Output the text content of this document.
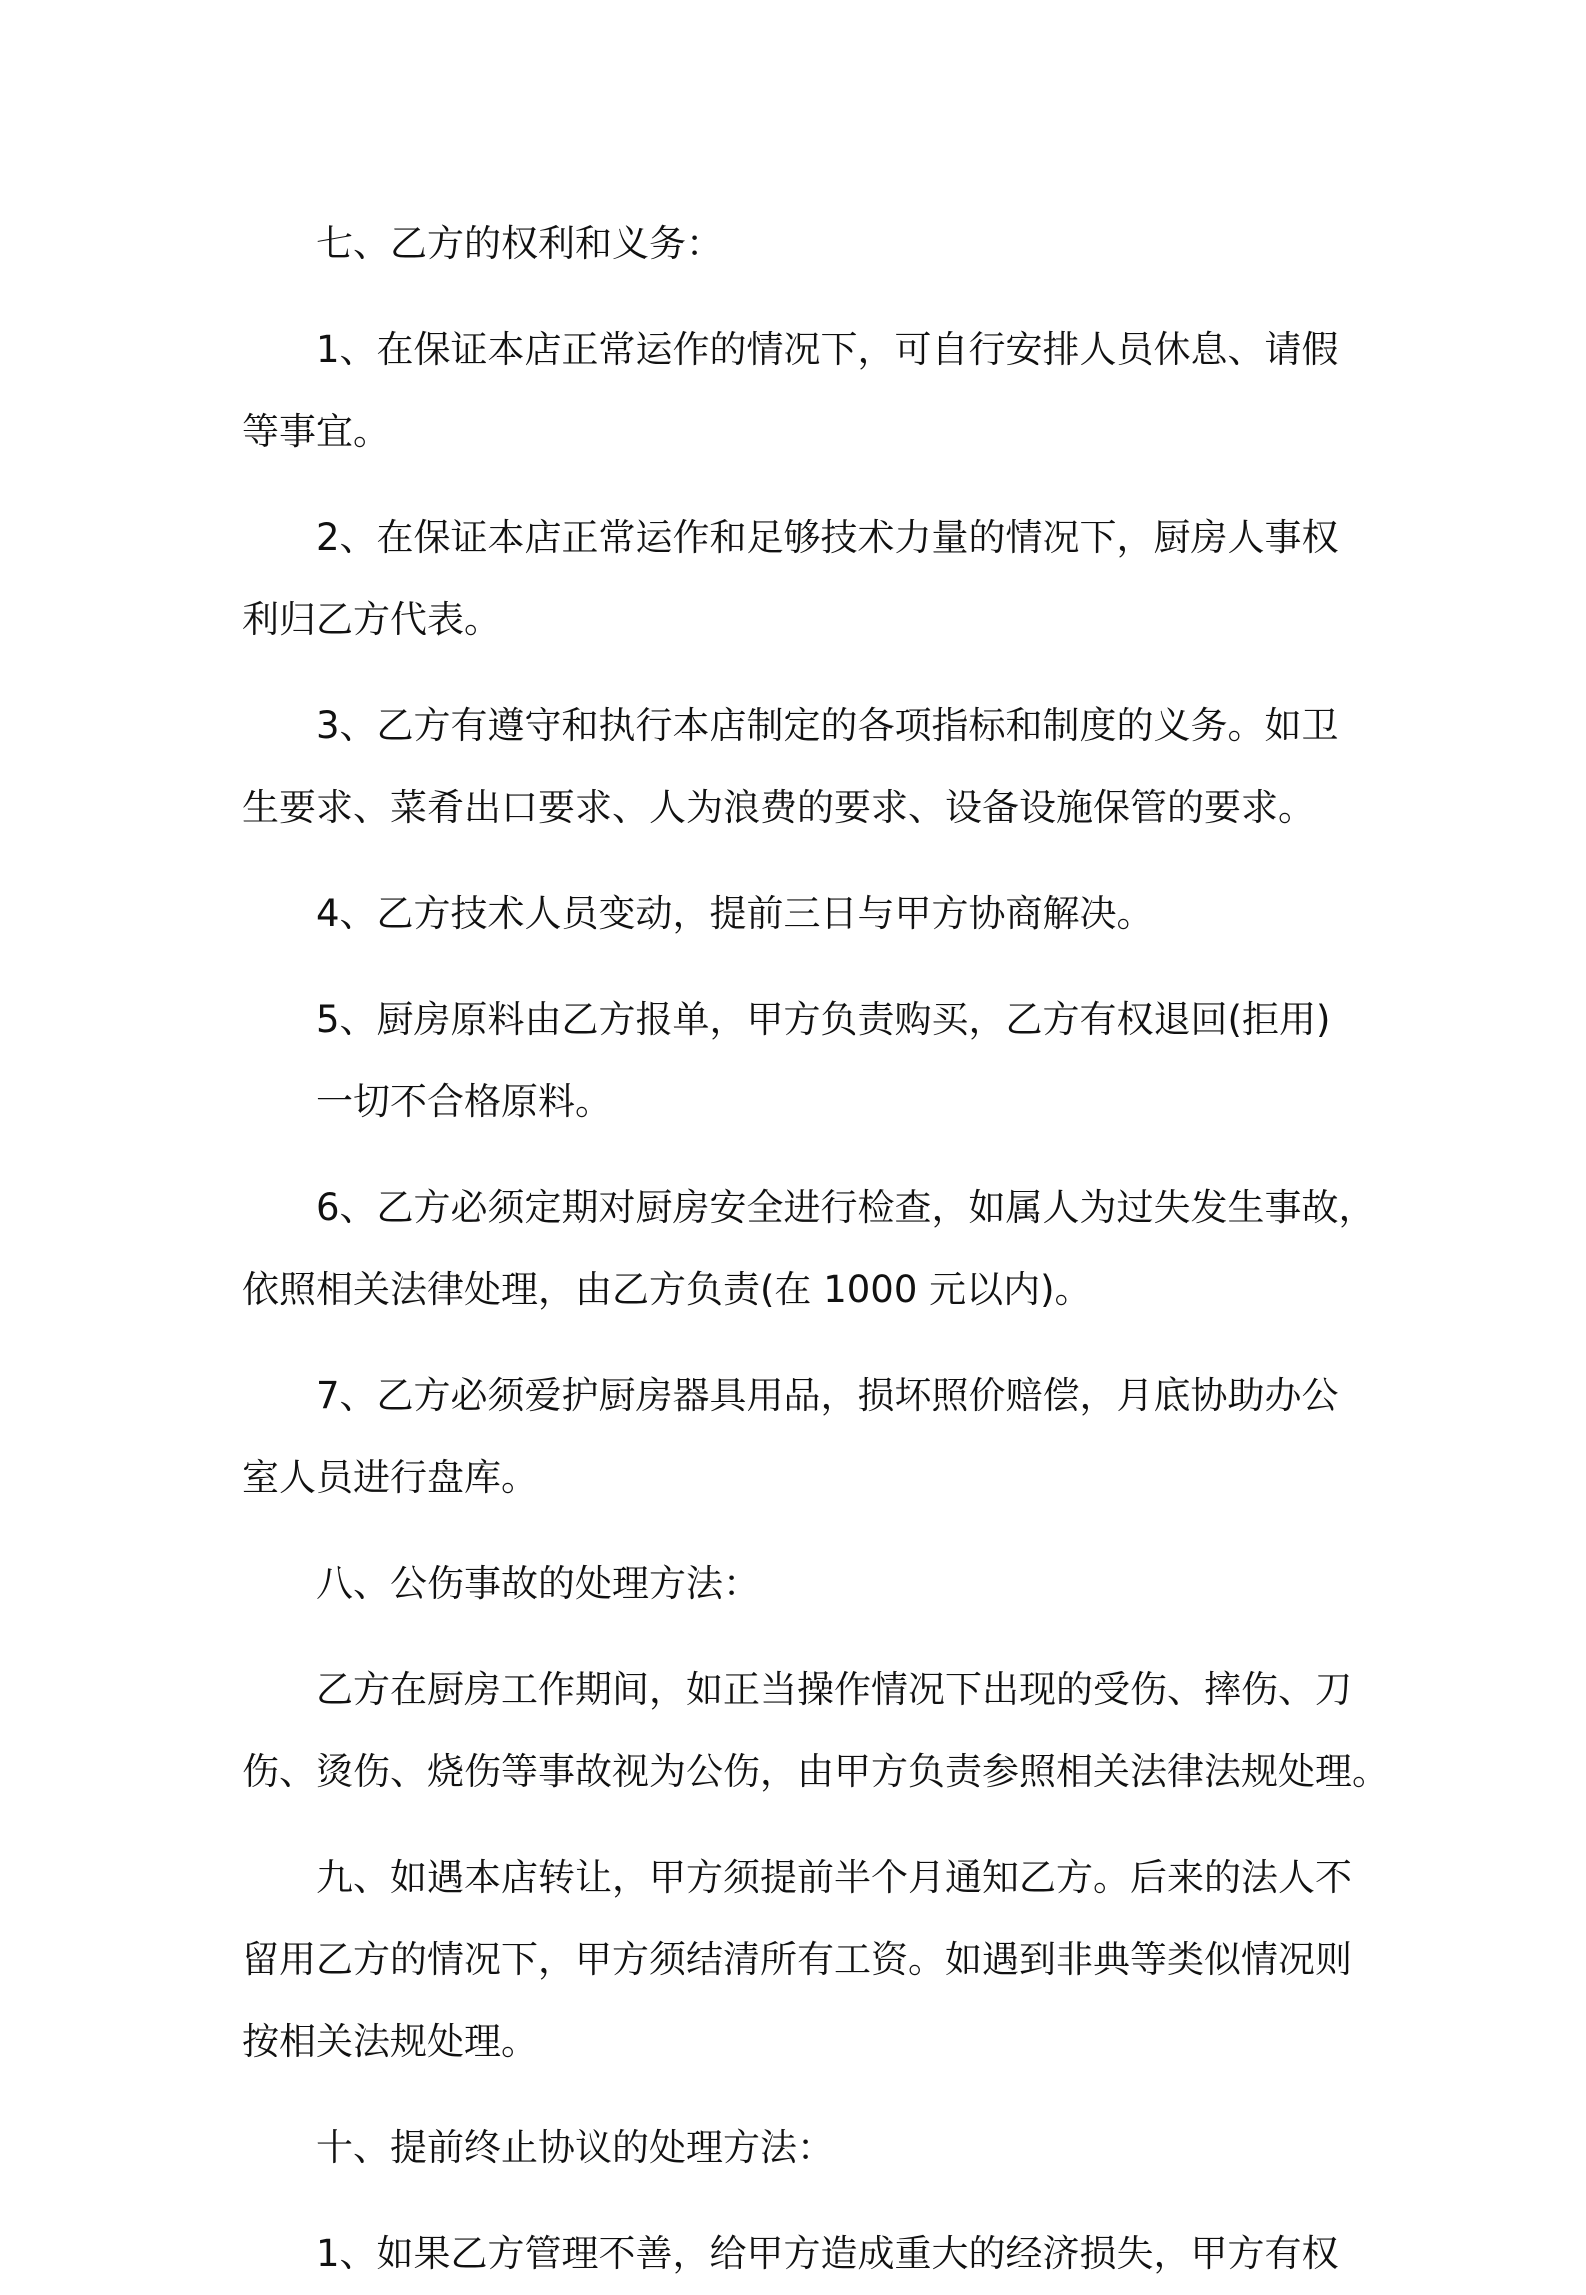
七、乙方的权利和义务：

1、在保证本店正常运作的情况下，可自行安排人员休息、请假
等事宜。

2、在保证本店正常运作和足够技术力量的情况下，厨房人事权
利归乙方代表。

3、乙方有遵守和执行本店制定的各项指标和制度的义务。如卫
生要求、菜肴出口要求、人为浪费的要求、设备设施保管的要求。

4、乙方技术人员变动，提前三日与甲方协商解决。

5、厨房原料由乙方报单，甲方负责购买，乙方有权退回(拒用)
一切不合格原料。

6、乙方必须定期对厨房安全进行检查，如属人为过失发生事故，
依照相关法律处理，由乙方负责(在 1000 元以内)。

7、乙方必须爱护厨房器具用品，损坏照价赔偿，月底协助办公
室人员进行盘库。

八、公伤事故的处理方法：

乙方在厨房工作期间，如正当操作情况下出现的受伤、摔伤、刀
伤、烫伤、烧伤等事故视为公伤，由甲方负责参照相关法律法规处理。

九、如遇本店转让，甲方须提前半个月通知乙方。后来的法人不
留用乙方的情况下，甲方须结清所有工资。如遇到非典等类似情况则
按相关法规处理。

十、提前终止协议的处理方法：

1、如果乙方管理不善，给甲方造成重大的经济损失，甲方有权
